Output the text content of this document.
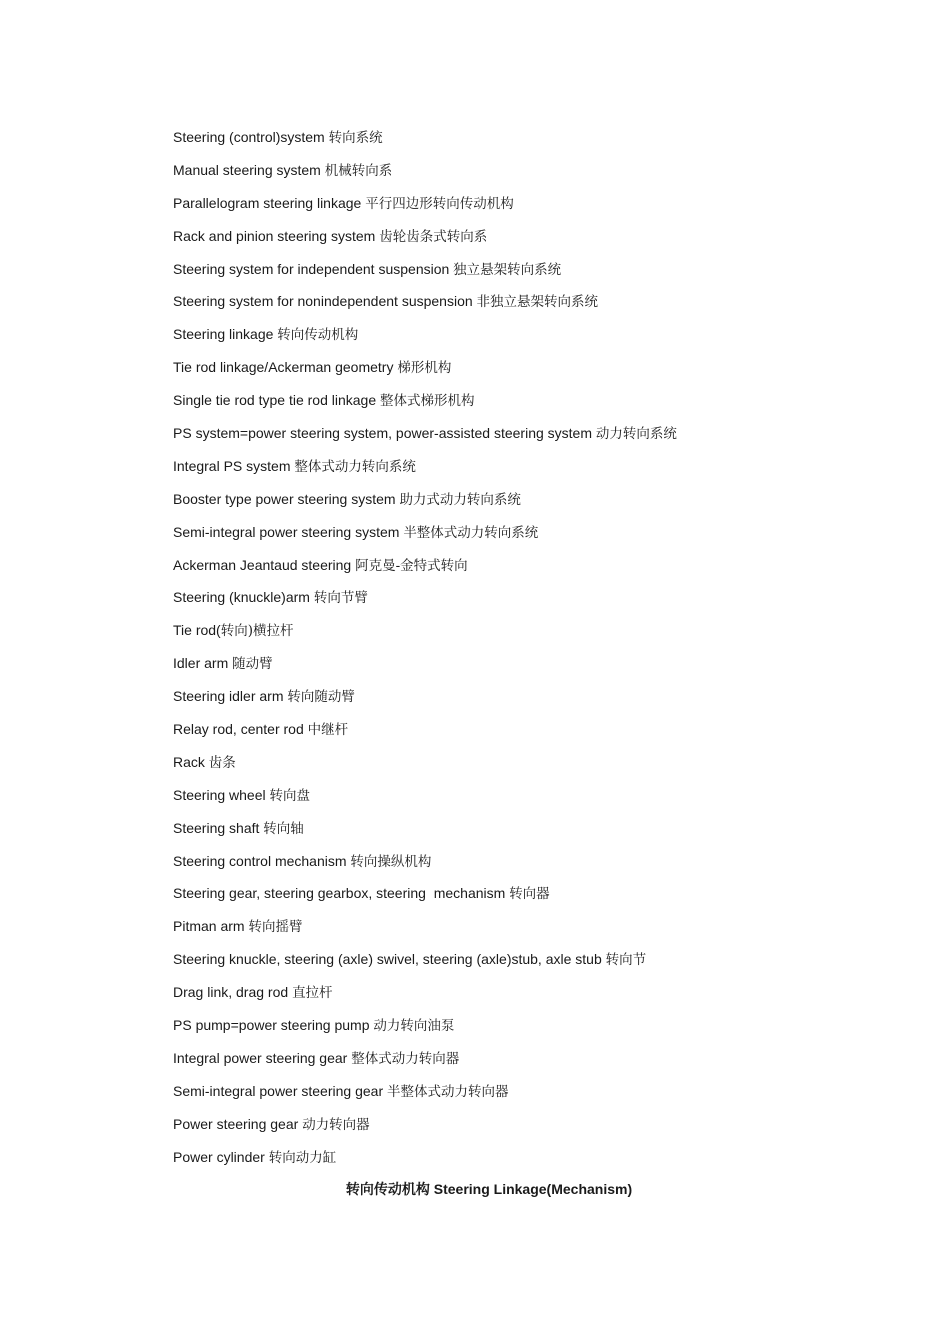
Steering (control)system 转向系统
Manual steering system 机械转向系
Parallelogram steering linkage 平行四边形转向传动机构
Rack and pinion steering system 齿轮齿条式转向系
Steering system for independent suspension 独立悬架转向系统
Steering system for nonindependent suspension 非独立悬架转向系统
Steering linkage 转向传动机构
Tie rod linkage/Ackerman geometry 梯形机构
Single tie rod type tie rod linkage 整体式梯形机构
PS system=power steering system, power-assisted steering system 动力转向系统
Integral PS system 整体式动力转向系统
Booster type power steering system 助力式动力转向系统
Semi-integral power steering system 半整体式动力转向系统
Ackerman Jeantaud steering 阿克曼-金特式转向
Steering (knuckle)arm 转向节臂
Tie rod(转向)横拉杆
Idler arm 随动臂
Steering idler arm 转向随动臂
Relay rod, center rod 中继杆
Rack 齿条
Steering wheel 转向盘
Steering shaft 转向轴
Steering control mechanism 转向操纵机构
Steering gear, steering gearbox, steering  mechanism 转向器
Pitman arm 转向摇臂
Steering knuckle, steering (axle) swivel, steering (axle)stub, axle stub 转向节
Drag link, drag rod 直拉杆
PS pump=power steering pump 动力转向油泵
Integral power steering gear 整体式动力转向器
Semi-integral power steering gear 半整体式动力转向器
Power steering gear 动力转向器
Power cylinder 转向动力缸
转向传动机构 Steering Linkage(Mechanism)
